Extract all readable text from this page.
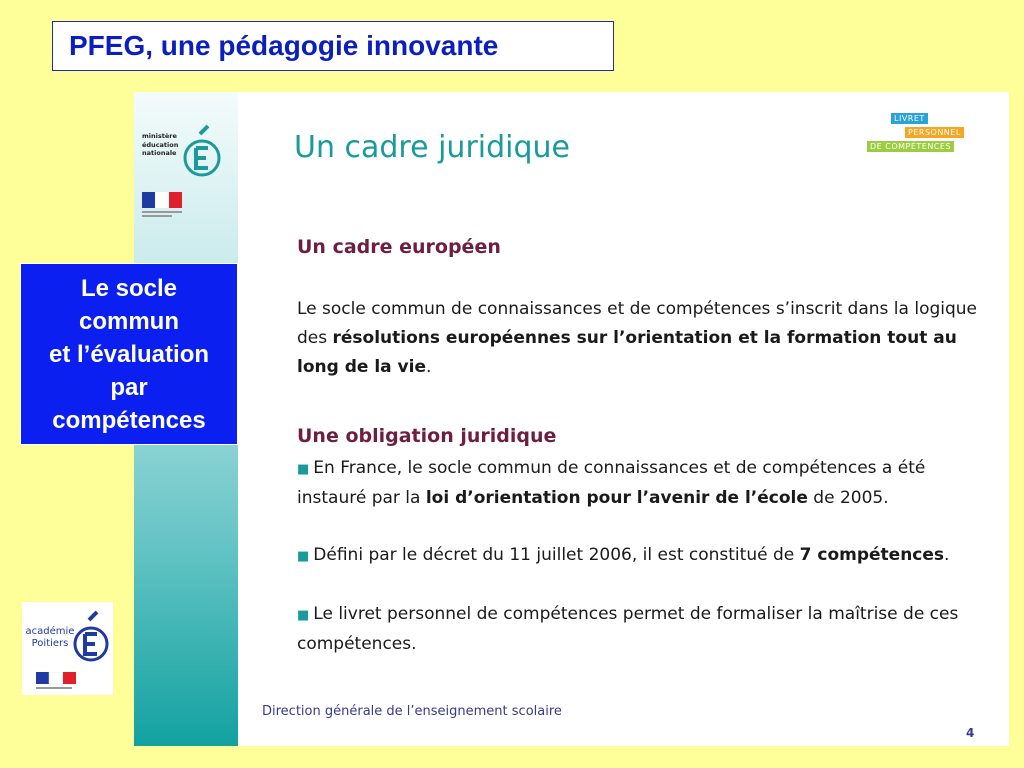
PFEG, une pédagogie innovante
ministère éducation nationale
LIVRET
PERSONNEL
DE COMPÉTENCES
Un cadre juridique
Un cadre européen
Le socle commun de connaissances et de compétences s’inscrit dans la logique des résolutions européennes sur l’orientation et la formation tout au long de la vie.
Une obligation juridique
■ En France, le socle commun de connaissances et de compétences a été instauré par la loi d’orientation pour l’avenir de l’école de 2005.
■ Défini par le décret du 11 juillet 2006, il est constitué de 7 compétences.
■ Le livret personnel de compétences permet de formaliser la maîtrise de ces compétences.
Direction générale de l’enseignement scolaire
4
Le socle
commun
et l’évaluation
par
compétences
académie
Poitiers
